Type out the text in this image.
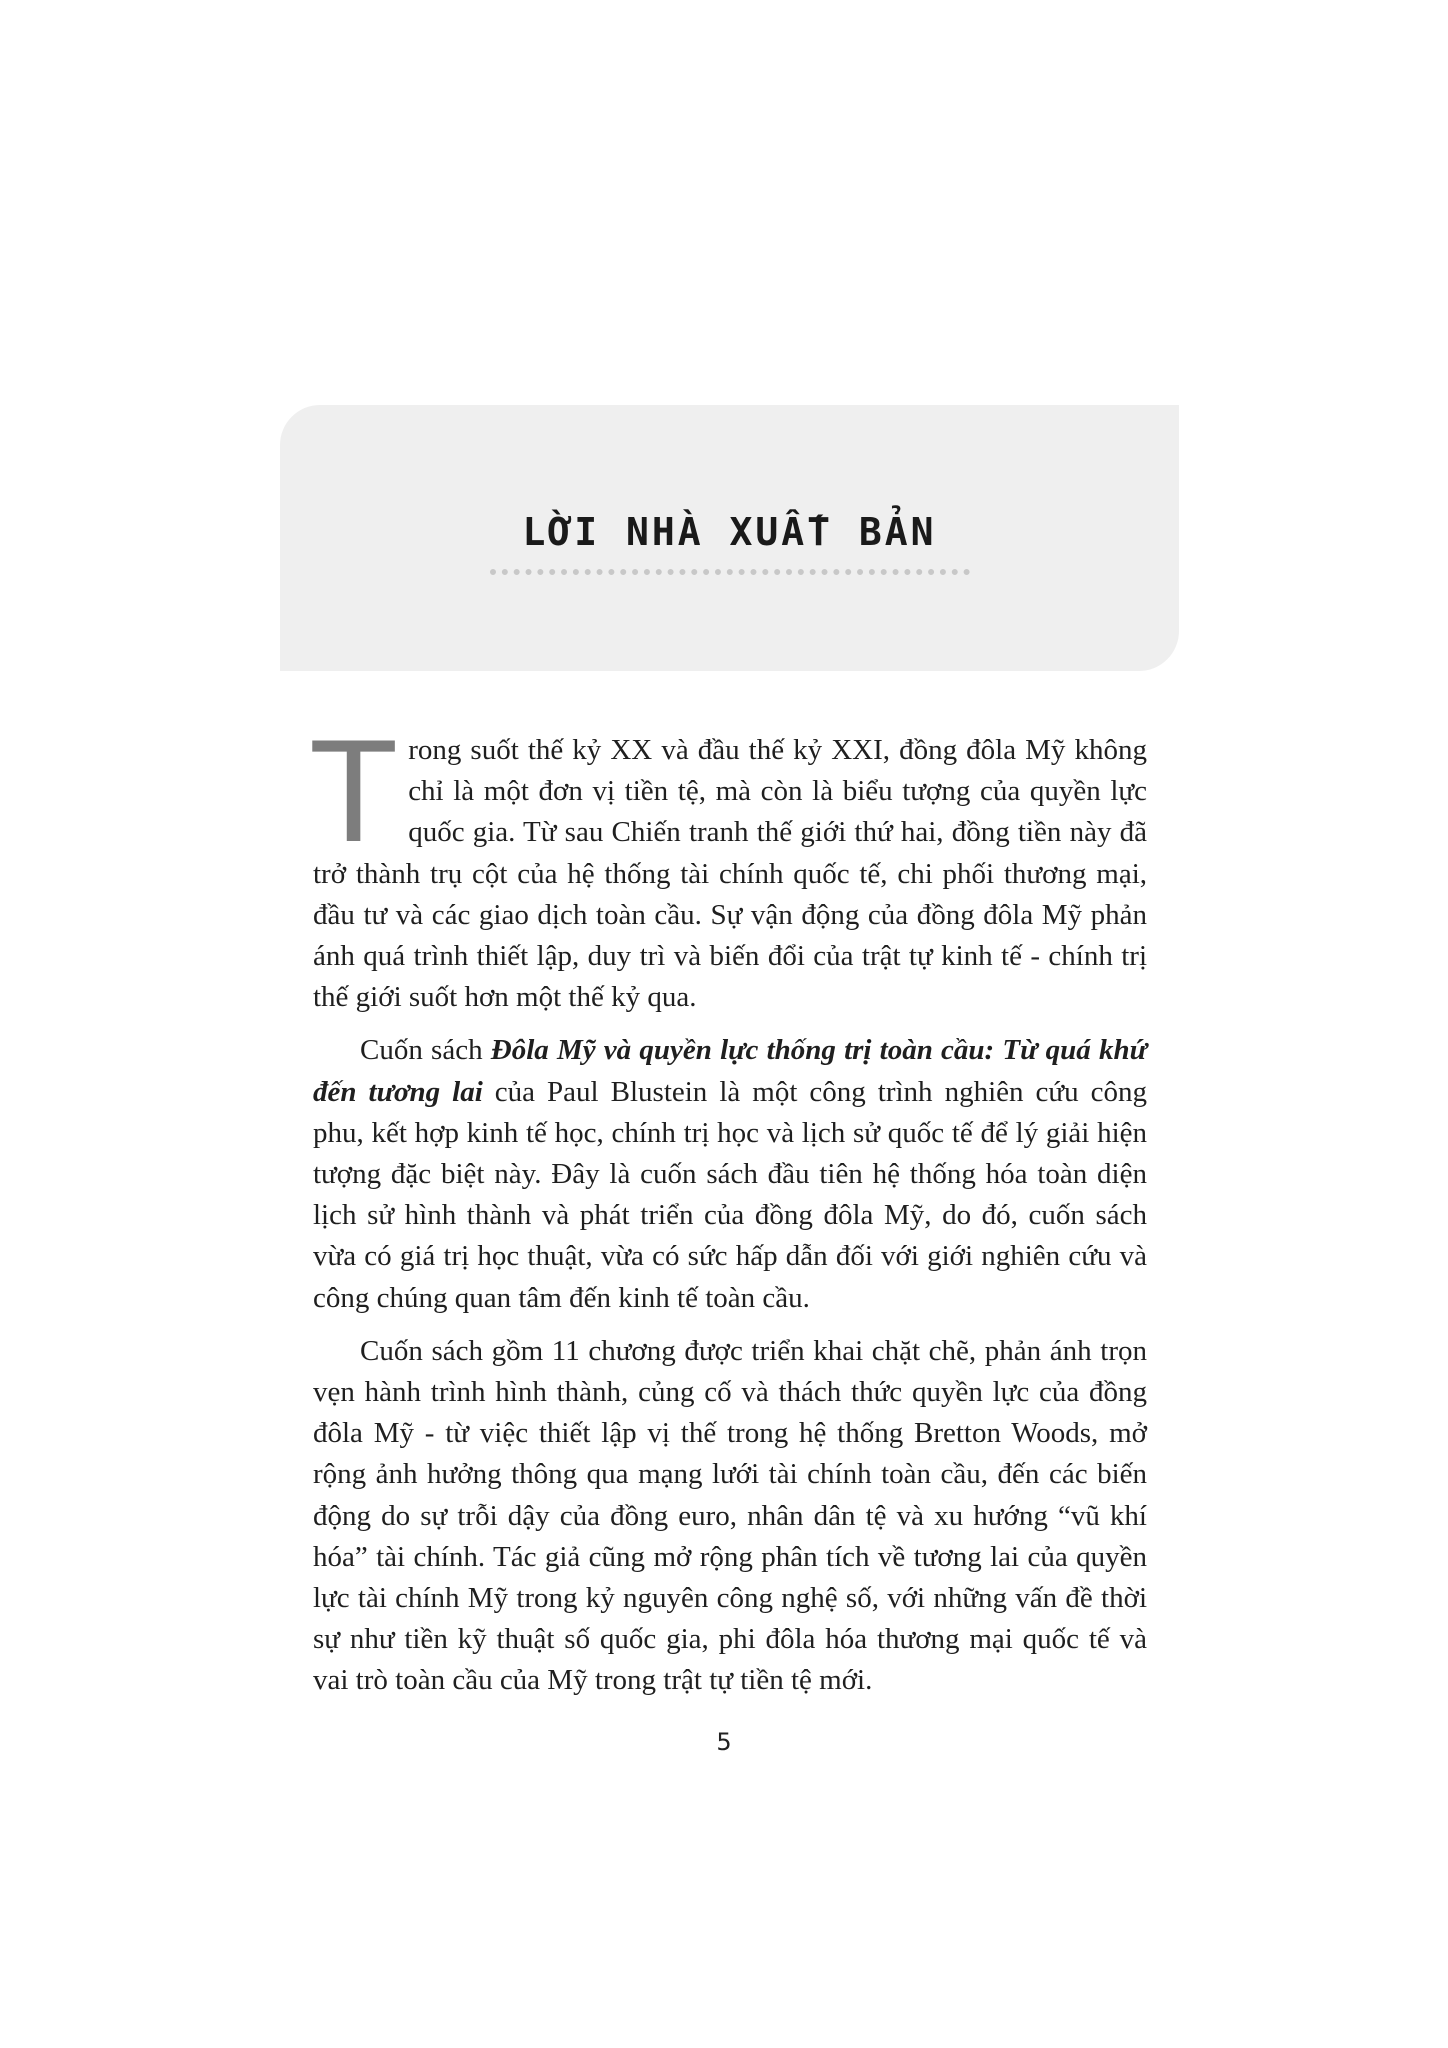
LỜI NHÀ XUẤT BẢN

Trong suốt thế kỷ XX và đầu thế kỷ XXI, đồng đôla Mỹ không chỉ là một đơn vị tiền tệ, mà còn là biểu tượng của quyền lực quốc gia. Từ sau Chiến tranh thế giới thứ hai, đồng tiền này đã trở thành trụ cột của hệ thống tài chính quốc tế, chi phối thương mại, đầu tư và các giao dịch toàn cầu. Sự vận động của đồng đôla Mỹ phản ánh quá trình thiết lập, duy trì và biến đổi của trật tự kinh tế - chính trị thế giới suốt hơn một thế kỷ qua.

Cuốn sách Đôla Mỹ và quyền lực thống trị toàn cầu: Từ quá khứ đến tương lai của Paul Blustein là một công trình nghiên cứu công phu, kết hợp kinh tế học, chính trị học và lịch sử quốc tế để lý giải hiện tượng đặc biệt này. Đây là cuốn sách đầu tiên hệ thống hóa toàn diện lịch sử hình thành và phát triển của đồng đôla Mỹ, do đó, cuốn sách vừa có giá trị học thuật, vừa có sức hấp dẫn đối với giới nghiên cứu và công chúng quan tâm đến kinh tế toàn cầu.

Cuốn sách gồm 11 chương được triển khai chặt chẽ, phản ánh trọn vẹn hành trình hình thành, củng cố và thách thức quyền lực của đồng đôla Mỹ - từ việc thiết lập vị thế trong hệ thống Bretton Woods, mở rộng ảnh hưởng thông qua mạng lưới tài chính toàn cầu, đến các biến động do sự trỗi dậy của đồng euro, nhân dân tệ và xu hướng “vũ khí hóa” tài chính. Tác giả cũng mở rộng phân tích về tương lai của quyền lực tài chính Mỹ trong kỷ nguyên công nghệ số, với những vấn đề thời sự như tiền kỹ thuật số quốc gia, phi đôla hóa thương mại quốc tế và vai trò toàn cầu của Mỹ trong trật tự tiền tệ mới.

5
